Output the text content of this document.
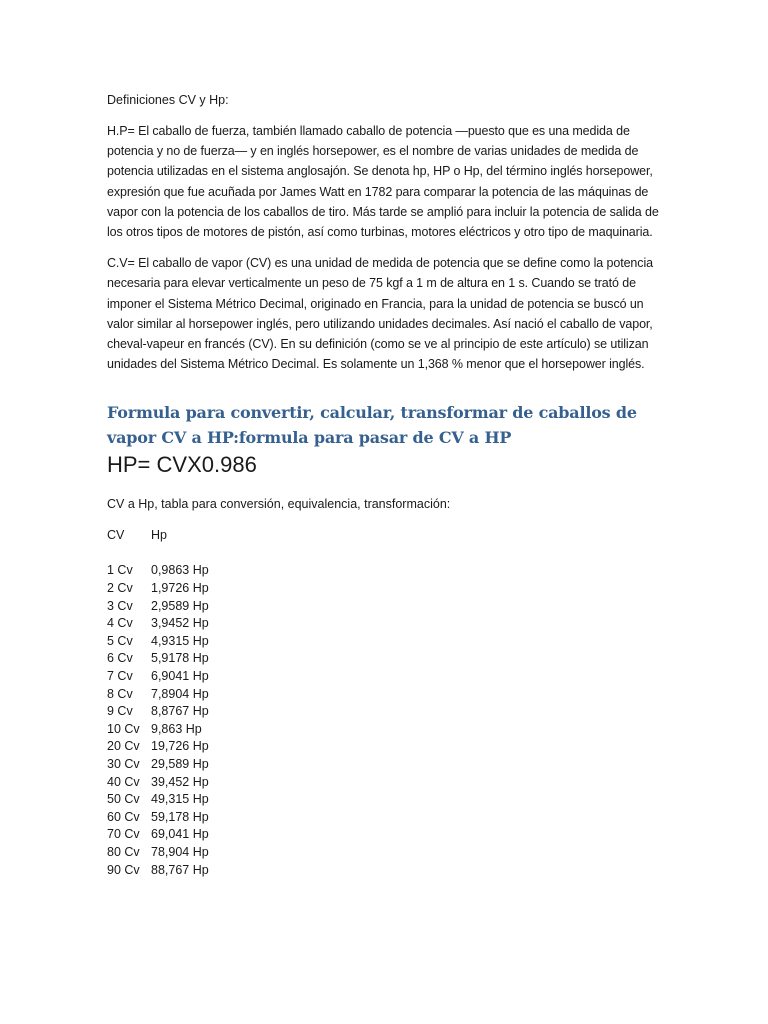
Definiciones CV y Hp:

H.P= El caballo de fuerza, también llamado caballo de potencia —puesto que es una medida de potencia y no de fuerza— y en inglés horsepower, es el nombre de varias unidades de medida de potencia utilizadas en el sistema anglosajón. Se denota hp, HP o Hp, del término inglés horsepower, expresión que fue acuñada por James Watt en 1782 para comparar la potencia de las máquinas de vapor con la potencia de los caballos de tiro. Más tarde se amplió para incluir la potencia de salida de los otros tipos de motores de pistón, así como turbinas, motores eléctricos y otro tipo de maquinaria.

C.V= El caballo de vapor (CV) es una unidad de medida de potencia que se define como la potencia necesaria para elevar verticalmente un peso de 75 kgf a 1 m de altura en 1 s. Cuando se trató de imponer el Sistema Métrico Decimal, originado en Francia, para la unidad de potencia se buscó un valor similar al horsepower inglés, pero utilizando unidades decimales. Así nació el caballo de vapor, cheval-vapeur en francés (CV). En su definición (como se ve al principio de este artículo) se utilizan unidades del Sistema Métrico Decimal. Es solamente un 1,368 % menor que el horsepower inglés.

Formula para convertir, calcular, transformar de caballos de vapor CV a HP:formula para pasar de CV a HP
HP= CVX0.986

CV a Hp, tabla para conversión, equivalencia, transformación:

CV	Hp

1 Cv	0,9863 Hp
2 Cv	1,9726 Hp
3 Cv	2,9589 Hp
4 Cv	3,9452 Hp
5 Cv	4,9315 Hp
6 Cv	5,9178 Hp
7 Cv	6,9041 Hp
8 Cv	7,8904 Hp
9 Cv	8,8767 Hp
10 Cv	9,863 Hp
20 Cv	19,726 Hp
30 Cv	29,589 Hp
40 Cv	39,452 Hp
50 Cv	49,315 Hp
60 Cv	59,178 Hp
70 Cv	69,041 Hp
80 Cv	78,904 Hp
90 Cv	88,767 Hp
